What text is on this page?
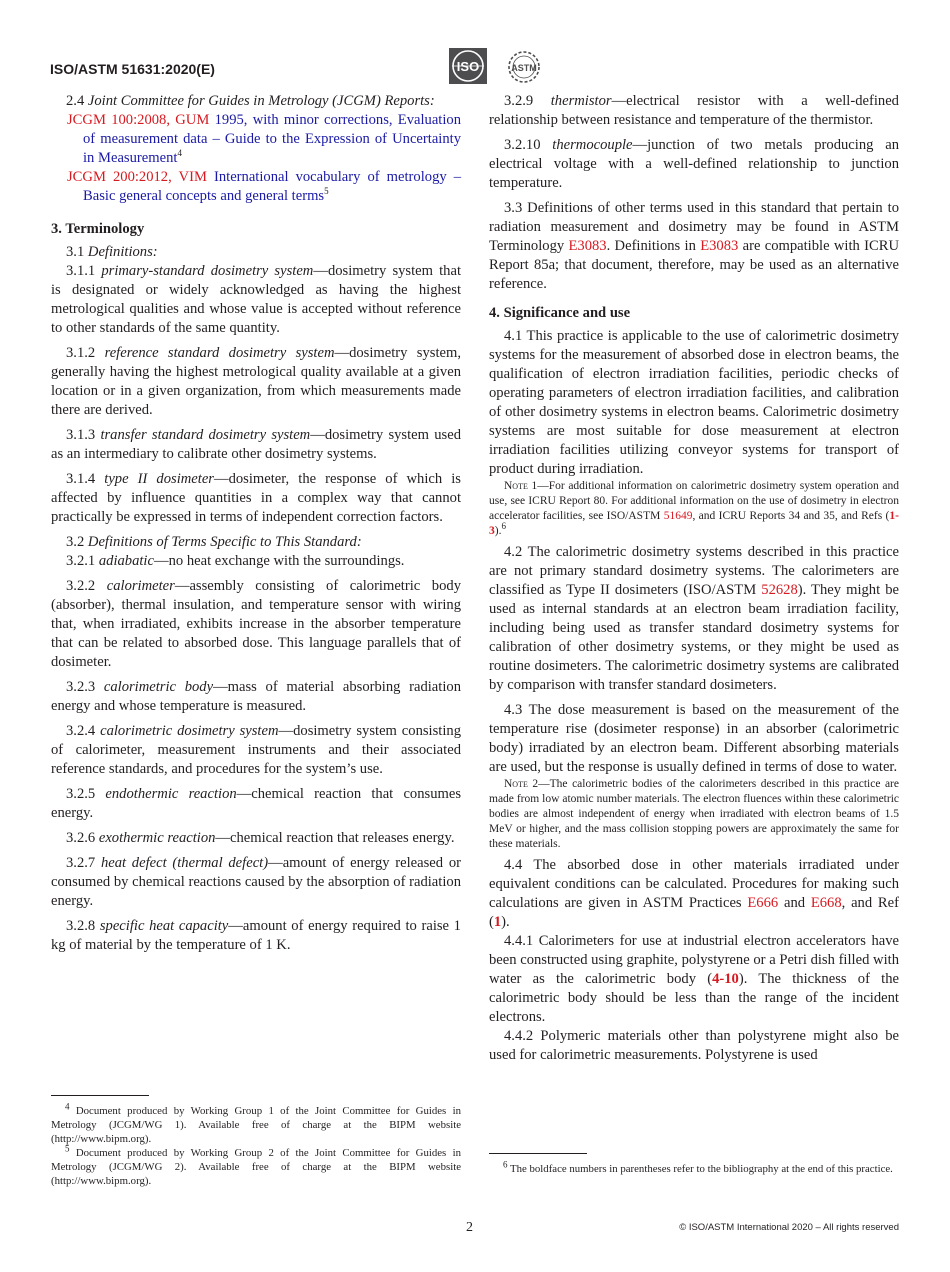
ISO/ASTM 51631:2020(E)	ISO	ASTM

2.4 Joint Committee for Guides in Metrology (JCGM) Reports:

JCGM 100:2008, GUM 1995, with minor corrections, Evaluation of measurement data – Guide to the Expression of Uncertainty in Measurement$^4$
JCGM 200:2012, VIM International vocabulary of metrology – Basic general concepts and general terms$^5$
3. Terminology

3.1 Definitions:

3.1.1 primary-standard dosimetry system—dosimetry system that is designated or widely acknowledged as having the highest metrological qualities and whose value is accepted without reference to other standards of the same quantity.

3.1.2 reference standard dosimetry system—dosimetry system, generally having the highest metrological quality available at a given location or in a given organization, from which measurements made there are derived.

3.1.3 transfer standard dosimetry system—dosimetry system used as an intermediary to calibrate other dosimetry systems.

3.1.4 type II dosimeter—dosimeter, the response of which is affected by influence quantities in a complex way that cannot practically be expressed in terms of independent correction factors.

3.2 Definitions of Terms Specific to This Standard:

3.2.1 adiabatic—no heat exchange with the surroundings.

3.2.2 calorimeter—assembly consisting of calorimetric body (absorber), thermal insulation, and temperature sensor with wiring that, when irradiated, exhibits increase in the absorber temperature that can be related to absorbed dose. This language parallels that of dosimeter.

3.2.3 calorimetric body—mass of material absorbing radiation energy and whose temperature is measured.

3.2.4 calorimetric dosimetry system—dosimetry system consisting of calorimeter, measurement instruments and their associated reference standards, and procedures for the system’s use.

3.2.5 endothermic reaction—chemical reaction that consumes energy.

3.2.6 exothermic reaction—chemical reaction that releases energy.

3.2.7 heat defect (thermal defect)—amount of energy released or consumed by chemical reactions caused by the absorption of radiation energy.

3.2.8 specific heat capacity—amount of energy required to raise 1 kg of material by the temperature of 1 K.

$^4$ Document produced by Working Group 1 of the Joint Committee for Guides in Metrology (JCGM/WG 1). Available free of charge at the BIPM website (http://www.bipm.org).

$^5$ Document produced by Working Group 2 of the Joint Committee for Guides in Metrology (JCGM/WG 2). Available free of charge at the BIPM website (http://www.bipm.org).

3.2.9 thermistor—electrical resistor with a well-defined relationship between resistance and temperature of the thermistor.

3.2.10 thermocouple—junction of two metals producing an electrical voltage with a well-defined relationship to junction temperature.

3.3 Definitions of other terms used in this standard that pertain to radiation measurement and dosimetry may be found in ASTM Terminology E3083. Definitions in E3083 are compatible with ICRU Report 85a; that document, therefore, may be used as an alternative reference.

4. Significance and use

4.1 This practice is applicable to the use of calorimetric dosimetry systems for the measurement of absorbed dose in electron beams, the qualification of electron irradiation facilities, periodic checks of operating parameters of electron irradiation facilities, and calibration of other dosimetry systems in electron beams. Calorimetric dosimetry systems are most suitable for dose measurement at electron irradiation facilities utilizing conveyor systems for transport of product during irradiation.

Note 1—For additional information on calorimetric dosimetry system operation and use, see ICRU Report 80. For additional information on the use of dosimetry in electron accelerator facilities, see ISO/ASTM 51649, and ICRU Reports 34 and 35, and Refs (1-3).$^6$

4.2 The calorimetric dosimetry systems described in this practice are not primary standard dosimetry systems. The calorimeters are classified as Type II dosimeters (ISO/ASTM 52628). They might be used as internal standards at an electron beam irradiation facility, including being used as transfer standard dosimetry systems for calibration of other dosimetry systems, or they might be used as routine dosimeters. The calorimetric dosimetry systems are calibrated by comparison with transfer standard dosimeters.

4.3 The dose measurement is based on the measurement of the temperature rise (dosimeter response) in an absorber (calorimetric body) irradiated by an electron beam. Different absorbing materials are used, but the response is usually defined in terms of dose to water.

Note 2—The calorimetric bodies of the calorimeters described in this practice are made from low atomic number materials. The electron fluences within these calorimetric bodies are almost independent of energy when irradiated with electron beams of 1.5 MeV or higher, and the mass collision stopping powers are approximately the same for these materials.

4.4 The absorbed dose in other materials irradiated under equivalent conditions can be calculated. Procedures for making such calculations are given in ASTM Practices E666 and E668, and Ref (1).

4.4.1 Calorimeters for use at industrial electron accelerators have been constructed using graphite, polystyrene or a Petri dish filled with water as the calorimetric body (4-10). The thickness of the calorimetric body should be less than the range of the incident electrons.

4.4.2 Polymeric materials other than polystyrene might also be used for calorimetric measurements. Polystyrene is used

$^6$ The boldface numbers in parentheses refer to the bibliography at the end of this practice.

2	© ISO/ASTM International 2020 – All rights reserved
